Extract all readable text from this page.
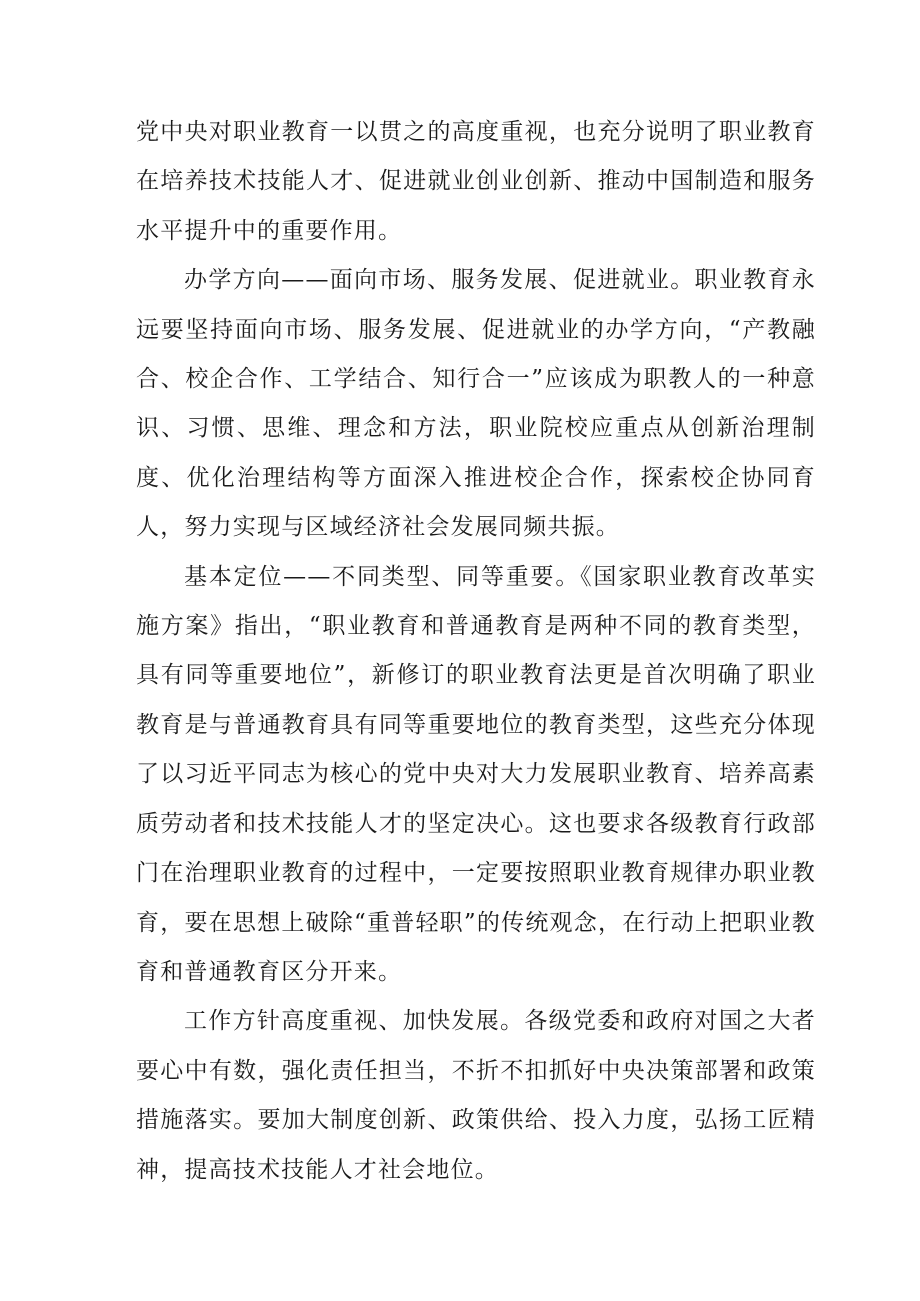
党中央对职业教育一以贯之的高度重视，也充分说明了职业教育在培养技术技能人才、促进就业创业创新、推动中国制造和服务水平提升中的重要作用。

办学方向——面向市场、服务发展、促进就业。职业教育永远要坚持面向市场、服务发展、促进就业的办学方向，“产教融合、校企合作、工学结合、知行合一”应该成为职教人的一种意识、习惯、思维、理念和方法，职业院校应重点从创新治理制度、优化治理结构等方面深入推进校企合作，探索校企协同育人，努力实现与区域经济社会发展同频共振。

基本定位——不同类型、同等重要。《国家职业教育改革实施方案》指出，“职业教育和普通教育是两种不同的教育类型，具有同等重要地位”，新修订的职业教育法更是首次明确了职业教育是与普通教育具有同等重要地位的教育类型，这些充分体现了以习近平同志为核心的党中央对大力发展职业教育、培养高素质劳动者和技术技能人才的坚定决心。这也要求各级教育行政部门在治理职业教育的过程中，一定要按照职业教育规律办职业教育，要在思想上破除“重普轻职”的传统观念，在行动上把职业教育和普通教育区分开来。

工作方针高度重视、加快发展。各级党委和政府对国之大者要心中有数，强化责任担当，不折不扣抓好中央决策部署和政策措施落实。要加大制度创新、政策供给、投入力度，弘扬工匠精神，提高技术技能人才社会地位。
